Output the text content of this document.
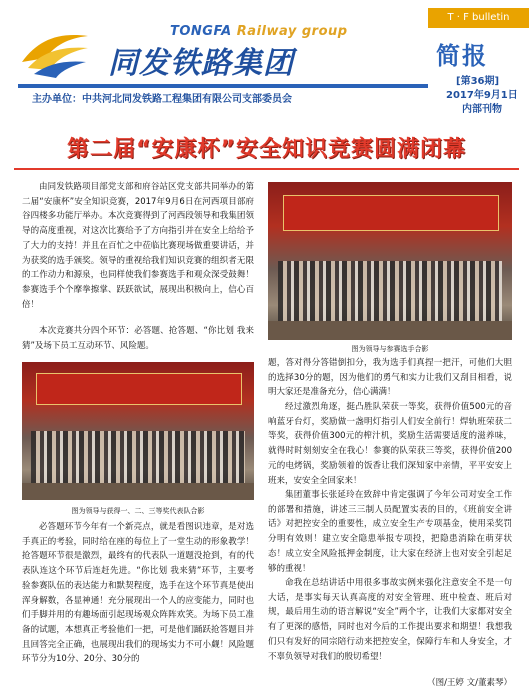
TONGFA Railway group
同发铁路集团
主办单位：中共河北同发铁路工程集团有限公司支部委员会
T · F bulletin
简报
[第36期]
2017年9月1日
内部刊物
第二届“安康杯”安全知识竞赛圆满闭幕
由同发铁路项目部党支部和府谷站区党支部共同举办的第二届“安康杯”安全知识竞赛，2017年9月6日在河西项目部府谷四楼多功能厅举办。本次竞赛得到了河西段领导和我集团领导的高度重视，对这次比赛给予了方向指引并在安全上给给予了大力的支持！并且在百忙之中莅临比赛现场做重要讲话，并为获奖的选手颁奖。领导的重视给我们知识竞赛的组织者无限的工作动力和源泉，也同样使我们参赛选手和观众深受鼓舞！参赛选手个个摩拳擦掌、跃跃欲试，展现出积极向上，信心百倍！
本次竞赛共分四个环节：必答题、抢答题、“你比划 我来猜”及场下员工互动环节、风险题。
图为领导与获得一、二、三等奖代表队合影
必答题环节今年有一个新亮点，就是看图识违章，是对选手真正的考验，同时给在座的每位上了一堂生动的形象教学！抢答题环节很是激烈，最终有的代表队一道题没抢到，有的代表队连这个环节后连赶先进。“你比划 我来猜”环节，主要考验参赛队伍的表达能力和默契程度，选手在这个环节真是使出浑身解数，各显神通！充分展现出一个人的应变能力，同时也们手脚并用的有趣场面引起现场观众阵阵欢笑。为场下员工准备的试题，本想真正考验他们一把，可是他们踊跃抢答题目并且回答完全正确，也展现出我们的现场实力不可小觑！风险题环节分为10分、20分、30分的
图为领导与参赛选手合影
题，答对得分答错倒扣分，我为选手们真捏一把汗，可他们大胆的选择30分的题，因为他们的勇气和实力让我们又刮目相看，说明大家还是准备充分，信心满满！
经过激烈角逐，挺凸胜队荣获一等奖，获得价值500元的音响蓝牙台灯，奖励做一盏明灯指引人们安全前行！焊轨班荣获二等奖，获得价值300元的榨汁机，奖励生活需要适度的滋养味，就得时时刻刻安全在我心！参赛的队荣获三等奖，获得价值200元的电烤锅，奖励领着的饭香让我们深知家中亲情，平平安安上班来，安安全全回家来！
集团董事长张延玲在致辞中肯定强调了今年公司对安全工作的部署和措施，讲述三三制人员配置实表的目的，《班前安全讲话》对把控安全的重要性，成立安全生产专项基金，使用采奖罚分明有效则！建立安全隐患举报专项投，把隐患消除在萌芽状态！成立安全风险抵押金制度，让大家在经济上也对安全引起足够的重视！
命我在总结讲话中用很多事故实例来强化注意安全不是一句大话，是事实每天认真高度的对安全管理、班中检查、班后对规，最后用生动的语言解说“安全”两个字，让我们大家都对安全有了更深的感悟，同时也对今后的工作提出要求和期望！我想我们只有发好的同宗陪行动来把控安全，保障行车和人身安全，才不辜负领导对我们的殷切希望！
（图/王婷 文/董素琴）
